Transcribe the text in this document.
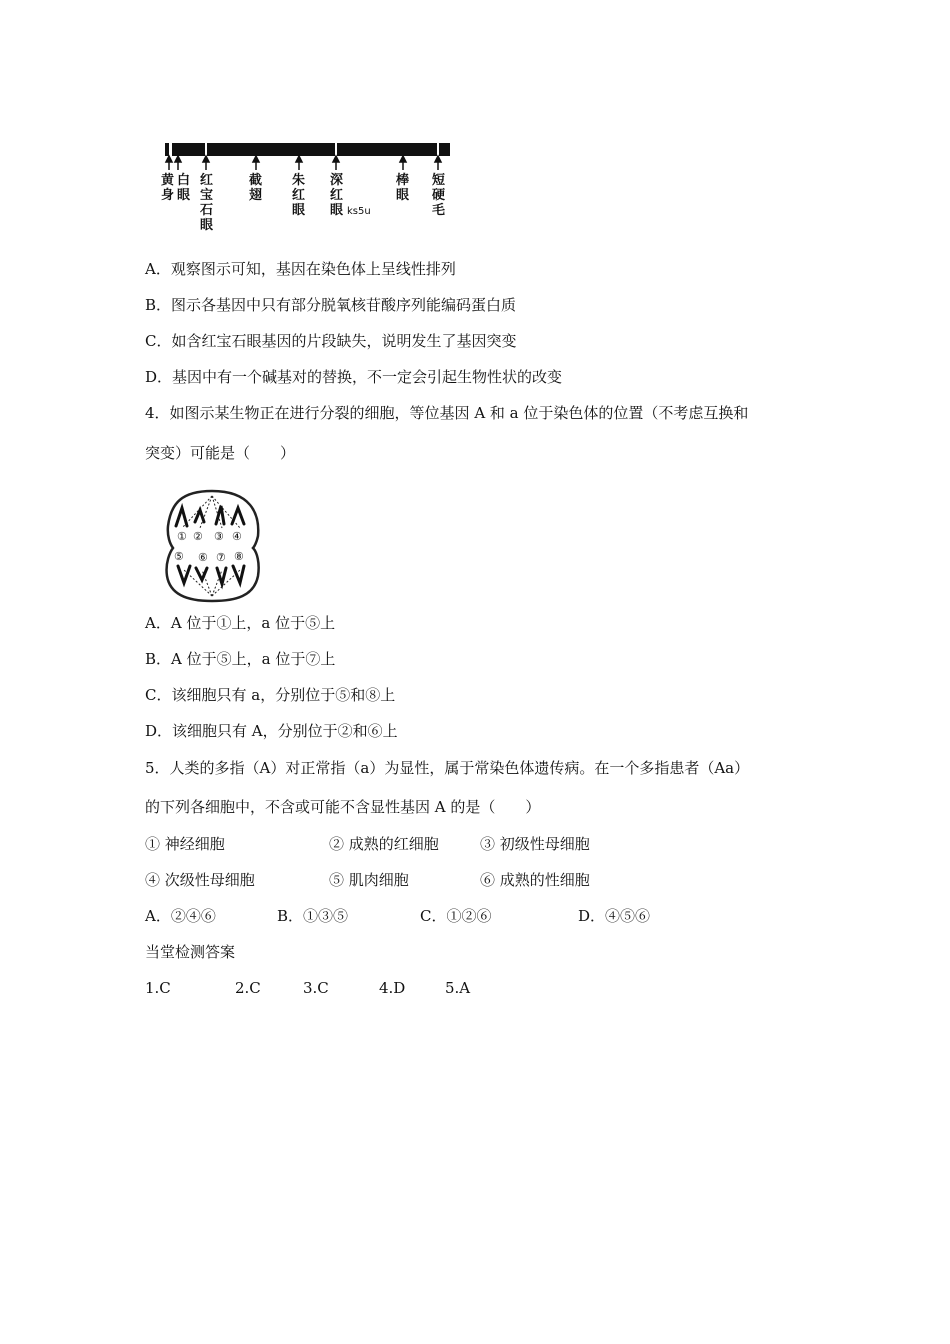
黄身
白眼
红宝石眼
截翅
朱红眼
深红眼 ks5u
棒眼
短硬毛
A．观察图示可知，基因在染色体上呈线性排列
B．图示各基因中只有部分脱氧核苷酸序列能编码蛋白质
C．如含红宝石眼基因的片段缺失，说明发生了基因突变
D．基因中有一个碱基对的替换，不一定会引起生物性状的改变
4．如图示某生物正在进行分裂的细胞，等位基因 A 和 a 位于染色体的位置（不考虑互换和
突变）可能是（　　）
① ② ③ ④
⑤ ⑥ ⑦ ⑧
A．A 位于①上，a 位于⑤上
B．A 位于⑤上，a 位于⑦上
C．该细胞只有 a，分别位于⑤和⑧上
D．该细胞只有 A，分别位于②和⑥上
5．人类的多指（A）对正常指（a）为显性，属于常染色体遗传病。在一个多指患者（Aa）
的下列各细胞中，不含或可能不含显性基因 A 的是（　　）
① 神经细胞	② 成熟的红细胞	③ 初级性母细胞
④ 次级性母细胞	⑤ 肌肉细胞	⑥ 成熟的性细胞
A．②④⑥	B．①③⑤	C．①②⑥	D．④⑤⑥
当堂检测答案
1.C	2.C	3.C	4.D	5.A
